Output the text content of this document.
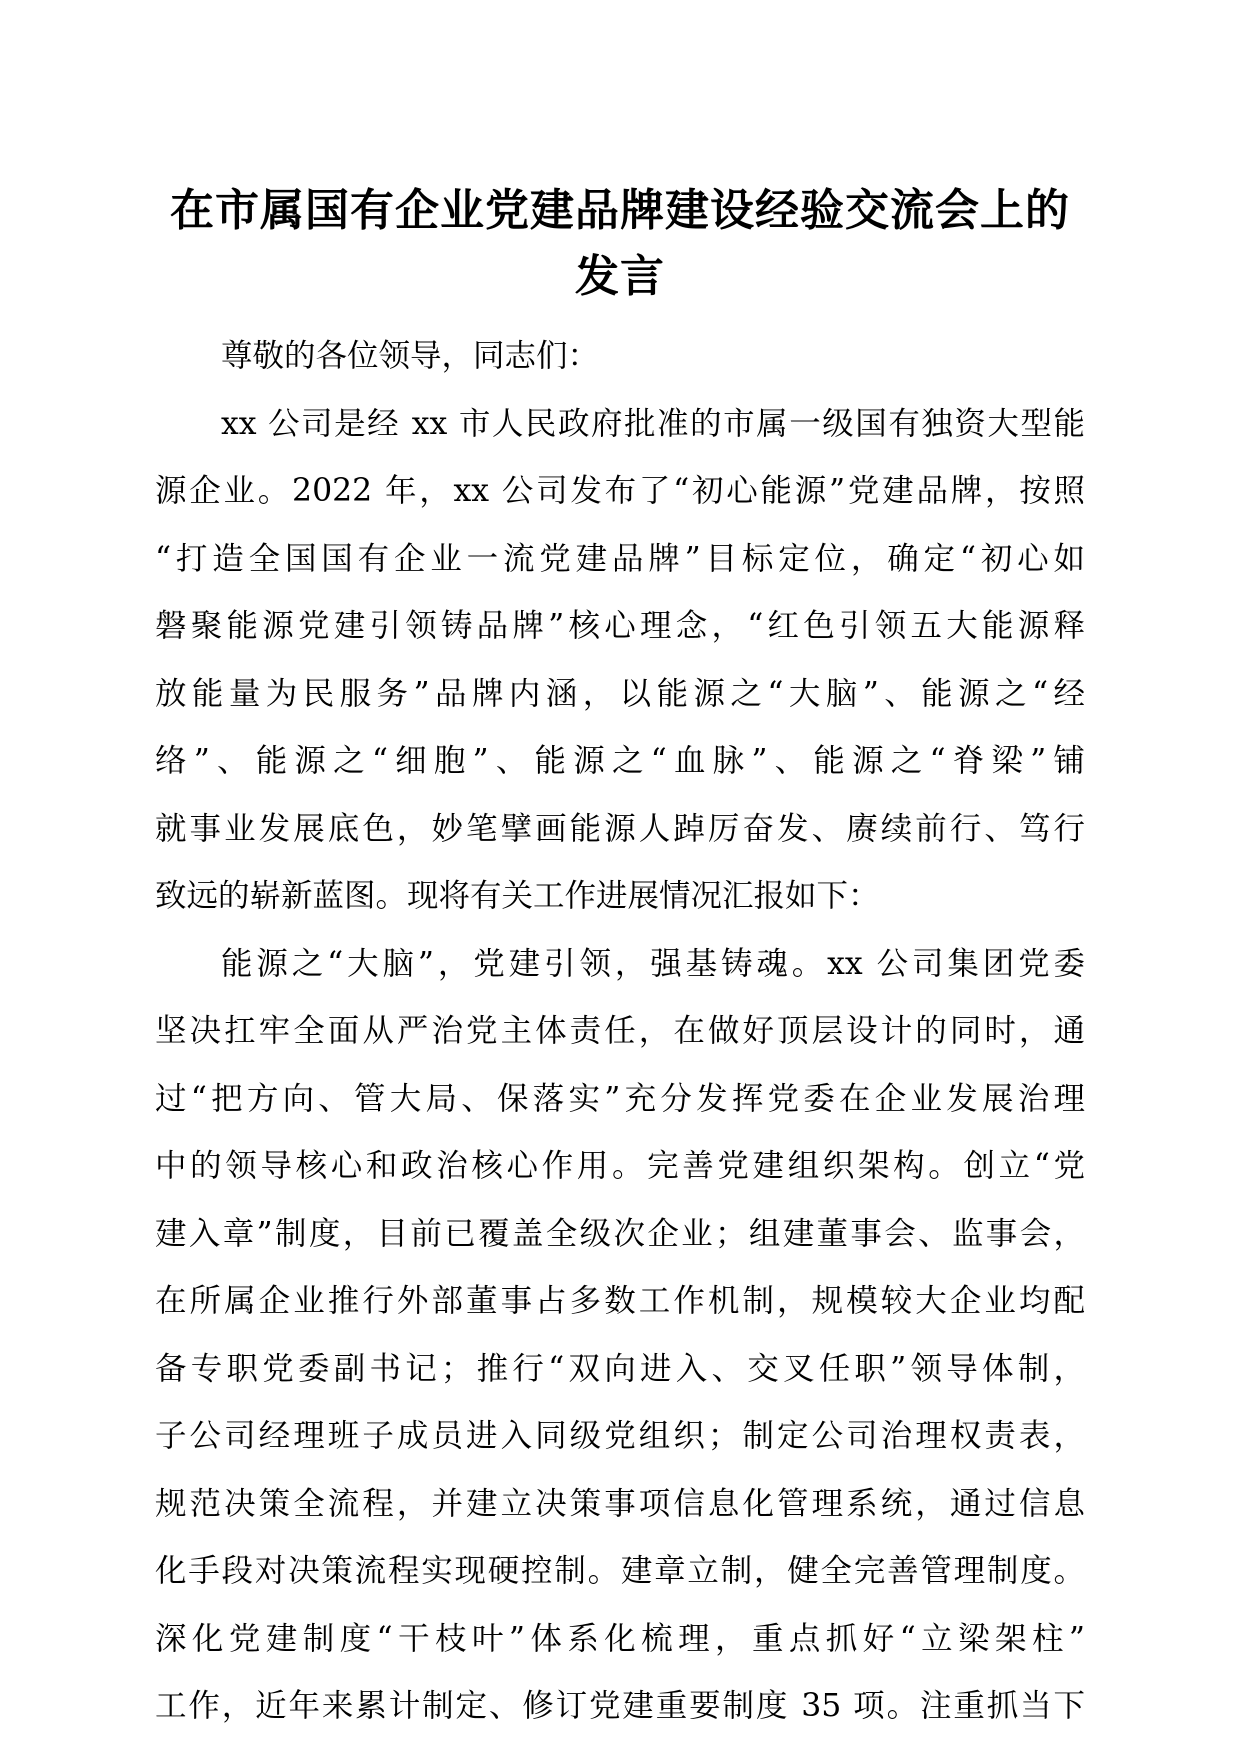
在市属国有企业党建品牌建设经验交流会上的
发言
尊敬的各位领导，同志们：
xx 公司是经 xx 市人民政府批准的市属一级国有独资大型能
源企业。2022 年，xx 公司发布了“初心能源”党建品牌，按照
“打造全国国有企业一流党建品牌”目标定位，确定“初心如
磐聚能源党建引领铸品牌”核心理念，“红色引领五大能源释
放能量为民服务”品牌内涵，以能源之“大脑”、能源之“经
络”、能源之“细胞”、能源之“血脉”、能源之“脊梁”铺
就事业发展底色，妙笔擘画能源人踔厉奋发、赓续前行、笃行
致远的崭新蓝图。现将有关工作进展情况汇报如下：
能源之“大脑”，党建引领，强基铸魂。xx 公司集团党委
坚决扛牢全面从严治党主体责任，在做好顶层设计的同时，通
过“把方向、管大局、保落实”充分发挥党委在企业发展治理
中的领导核心和政治核心作用。完善党建组织架构。创立“党
建入章”制度，目前已覆盖全级次企业；组建董事会、监事会，
在所属企业推行外部董事占多数工作机制，规模较大企业均配
备专职党委副书记；推行“双向进入、交叉任职”领导体制，
子公司经理班子成员进入同级党组织；制定公司治理权责表，
规范决策全流程，并建立决策事项信息化管理系统，通过信息
化手段对决策流程实现硬控制。建章立制，健全完善管理制度。
深化党建制度“干枝叶”体系化梳理，重点抓好“立梁架柱”
工作，近年来累计制定、修订党建重要制度 35 项。注重抓当下
